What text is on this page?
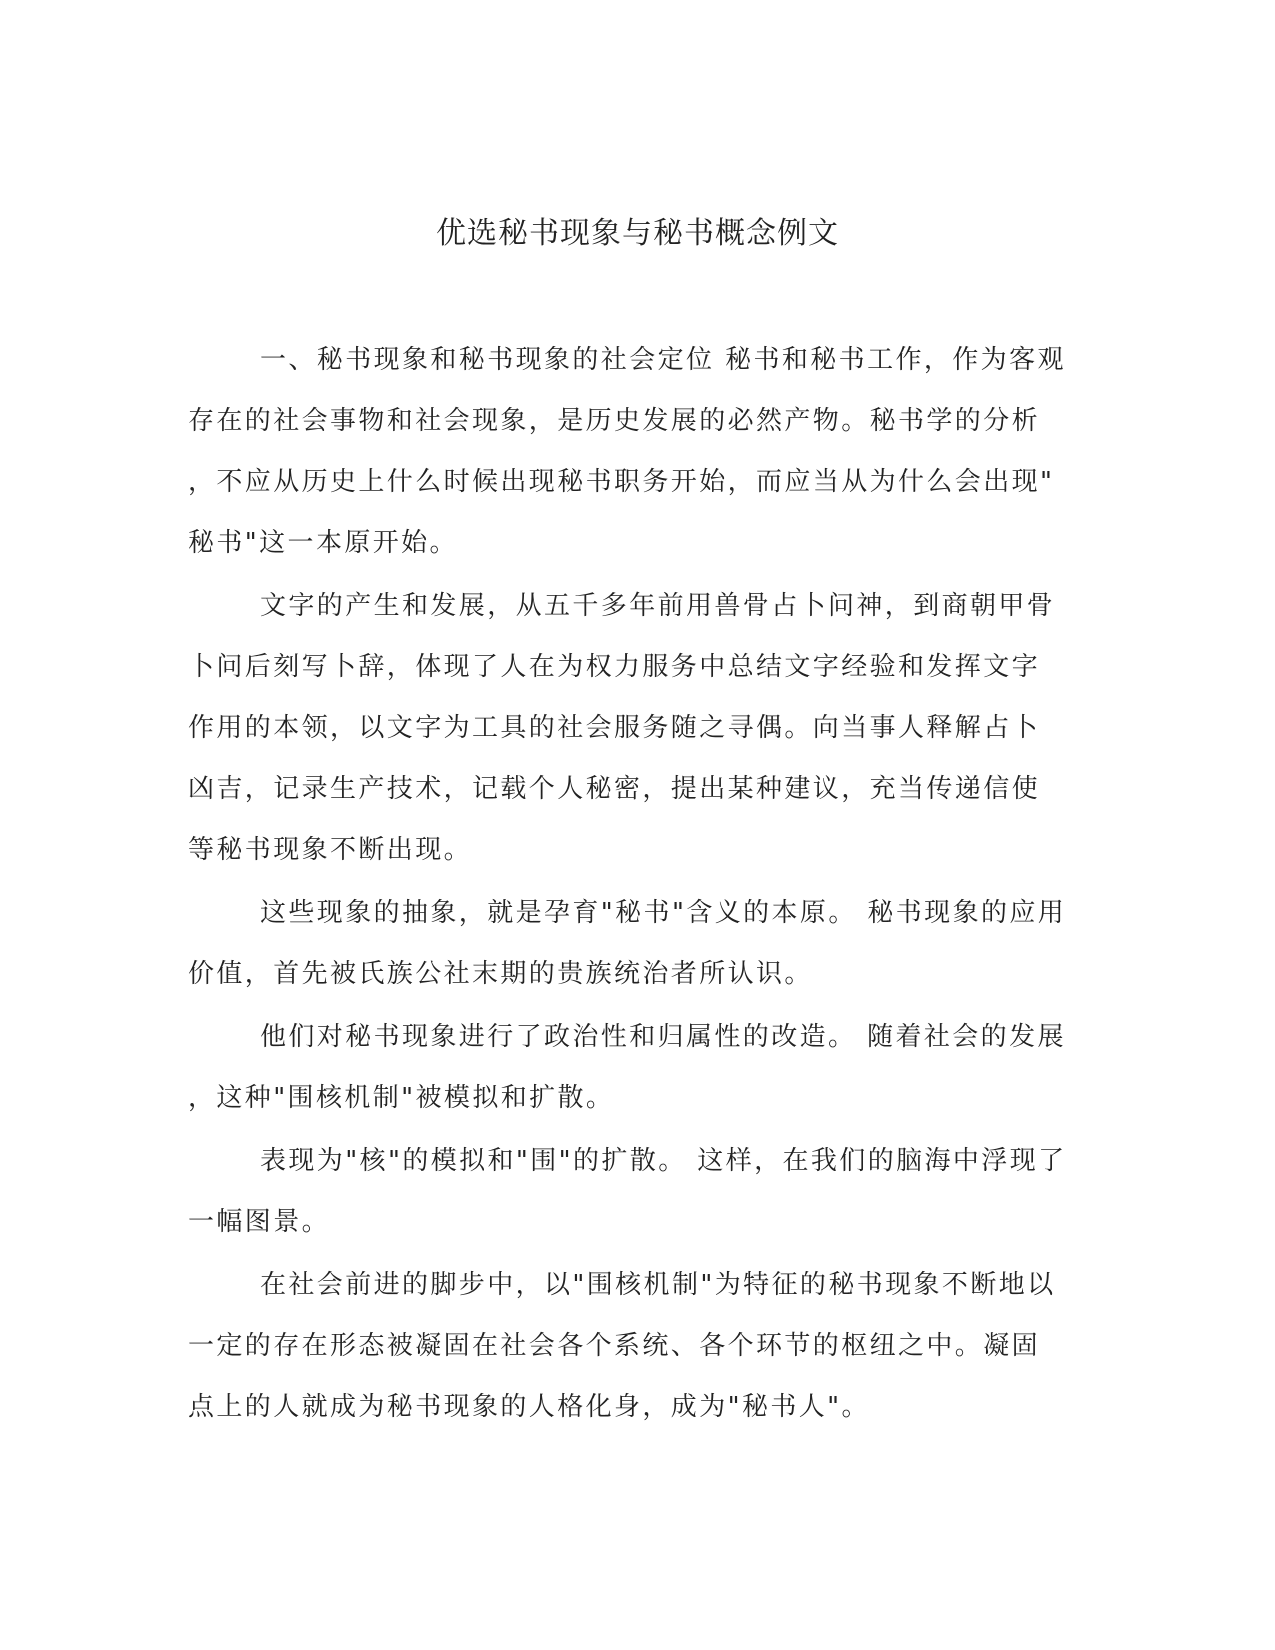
优选秘书现象与秘书概念例文

一、秘书现象和秘书现象的社会定位 秘书和秘书工作，作为客观
存在的社会事物和社会现象，是历史发展的必然产物。秘书学的分析
，不应从历史上什么时候出现秘书职务开始，而应当从为什么会出现"
秘书"这一本原开始。

文字的产生和发展，从五千多年前用兽骨占卜问神，到商朝甲骨
卜问后刻写卜辞，体现了人在为权力服务中总结文字经验和发挥文字
作用的本领，以文字为工具的社会服务随之寻偶。向当事人释解占卜
凶吉，记录生产技术，记载个人秘密，提出某种建议，充当传递信使
等秘书现象不断出现。

这些现象的抽象，就是孕育"秘书"含义的本原。 秘书现象的应用
价值，首先被氏族公社末期的贵族统治者所认识。

他们对秘书现象进行了政治性和归属性的改造。 随着社会的发展
，这种"围核机制"被模拟和扩散。

表现为"核"的模拟和"围"的扩散。 这样，在我们的脑海中浮现了
一幅图景。

在社会前进的脚步中，以"围核机制"为特征的秘书现象不断地以
一定的存在形态被凝固在社会各个系统、各个环节的枢纽之中。凝固
点上的人就成为秘书现象的人格化身，成为"秘书人"。
